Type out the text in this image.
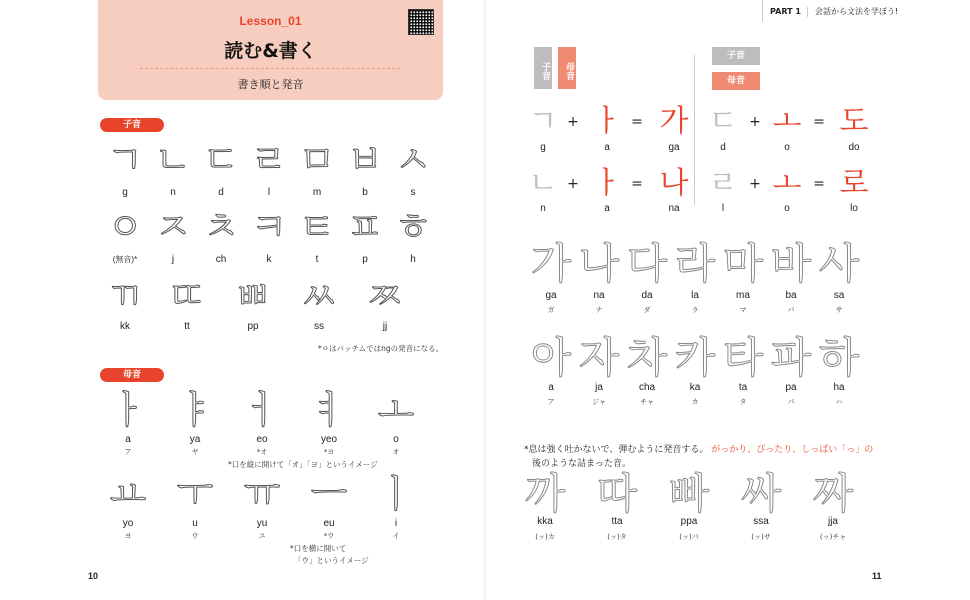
Lesson_01
読む&書く
書き順と発音
子音
ㄱ ㄴ ㄷ ㄹ ㅁ ㅂ ㅅ
g	n	d	l	m	b	s
ㅇ ㅈ ㅊ ㅋ ㅌ ㅍ ㅎ
(無音)*	j	ch	k	t	p	h
ㄲ ㄸ ㅃ ㅆ ㅉ
kk	tt	pp	ss	jj
*ㅇはパッチムではngの発音になる。
母音
ㅏ ㅑ ㅓ ㅕ ㅗ
a	ya	eo	yeo	o
ア	ヤ	*オ	*ヨ	オ
*口を縦に開けて「オ」「ヨ」というイメージ
ㅛ ㅜ ㅠ ㅡ ㅣ
yo	u	yu	eu	i
ヨ	ウ	ユ	*ウ	イ
*口を横に開いて
「ウ」というイメージ
10
PART 1 会話から文法を学ぼう!
子音	母音
子音
母音
ㄱ + ㅏ = 가
g	a	ga
ㄷ + ㅗ = 도
d	o	do
ㄴ + ㅏ = 나
n	a	na
ㄹ + ㅗ = 로
l	o	lo
가 나 다 라 마 바 사
ga	na	da	la	ma	ba	sa
ガ	ナ	ダ	ラ	マ	バ	サ
아 자 차 카 타 파 하
a	ja	cha	ka	ta	pa	ha
ア	ジャ	チャ	カ	タ	パ	ハ
*息は強く吐かないで、弾むように発音する。 がっかり、ぴったり、しっぱい「っ」の
後のような詰まった音。
까 따 빠 싸 짜
kka	tta	ppa	ssa	jja
(ッ)カ	(ッ)タ	(ッ)パ	(ッ)サ	(ッ)チャ
11
